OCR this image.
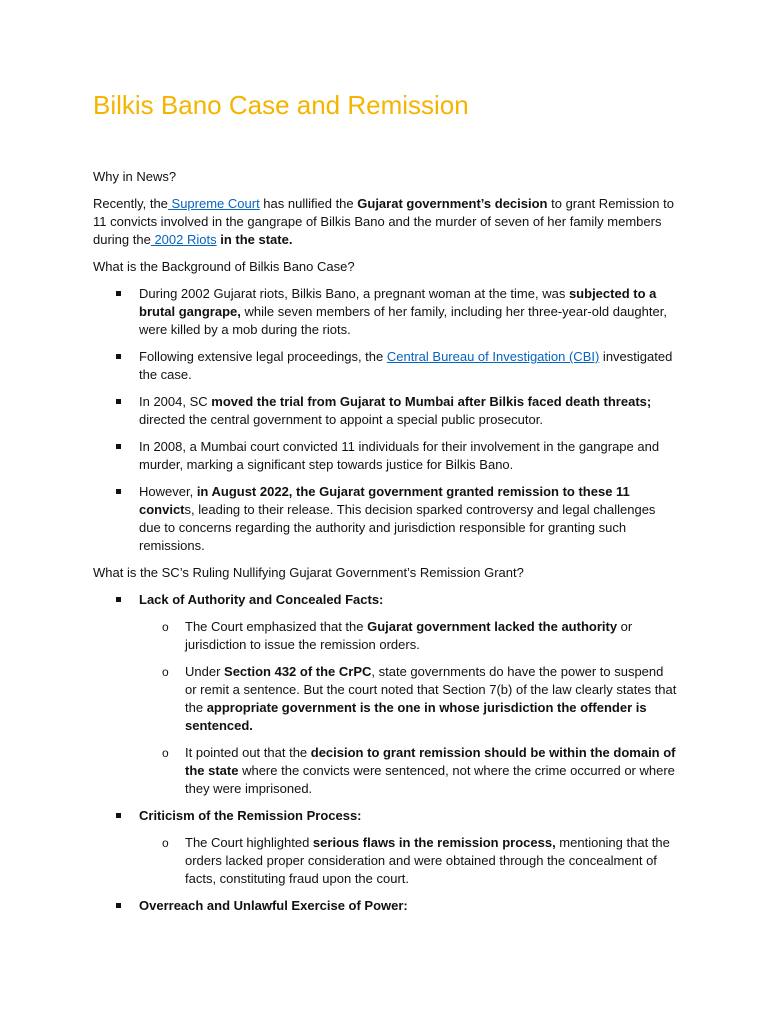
Bilkis Bano Case and Remission

Why in News?

Recently, the Supreme Court has nullified the Gujarat government’s decision to grant Remission to 11 convicts involved in the gangrape of Bilkis Bano and the murder of seven of her family members during the 2002 Riots in the state.

What is the Background of Bilkis Bano Case?

During 2002 Gujarat riots, Bilkis Bano, a pregnant woman at the time, was subjected to a brutal gangrape, while seven members of her family, including her three-year-old daughter, were killed by a mob during the riots.
Following extensive legal proceedings, the Central Bureau of Investigation (CBI) investigated the case.
In 2004, SC moved the trial from Gujarat to Mumbai after Bilkis faced death threats; directed the central government to appoint a special public prosecutor.
In 2008, a Mumbai court convicted 11 individuals for their involvement in the gangrape and murder, marking a significant step towards justice for Bilkis Bano.
However, in August 2022, the Gujarat government granted remission to these 11 convicts, leading to their release. This decision sparked controversy and legal challenges due to concerns regarding the authority and jurisdiction responsible for granting such remissions.

What is the SC’s Ruling Nullifying Gujarat Government’s Remission Grant?

Lack of Authority and Concealed Facts:
o The Court emphasized that the Gujarat government lacked the authority or jurisdiction to issue the remission orders.
o Under Section 432 of the CrPC, state governments do have the power to suspend or remit a sentence. But the court noted that Section 7(b) of the law clearly states that the appropriate government is the one in whose jurisdiction the offender is sentenced.
o It pointed out that the decision to grant remission should be within the domain of the state where the convicts were sentenced, not where the crime occurred or where they were imprisoned.
Criticism of the Remission Process:
o The Court highlighted serious flaws in the remission process, mentioning that the orders lacked proper consideration and were obtained through the concealment of facts, constituting fraud upon the court.
Overreach and Unlawful Exercise of Power:
